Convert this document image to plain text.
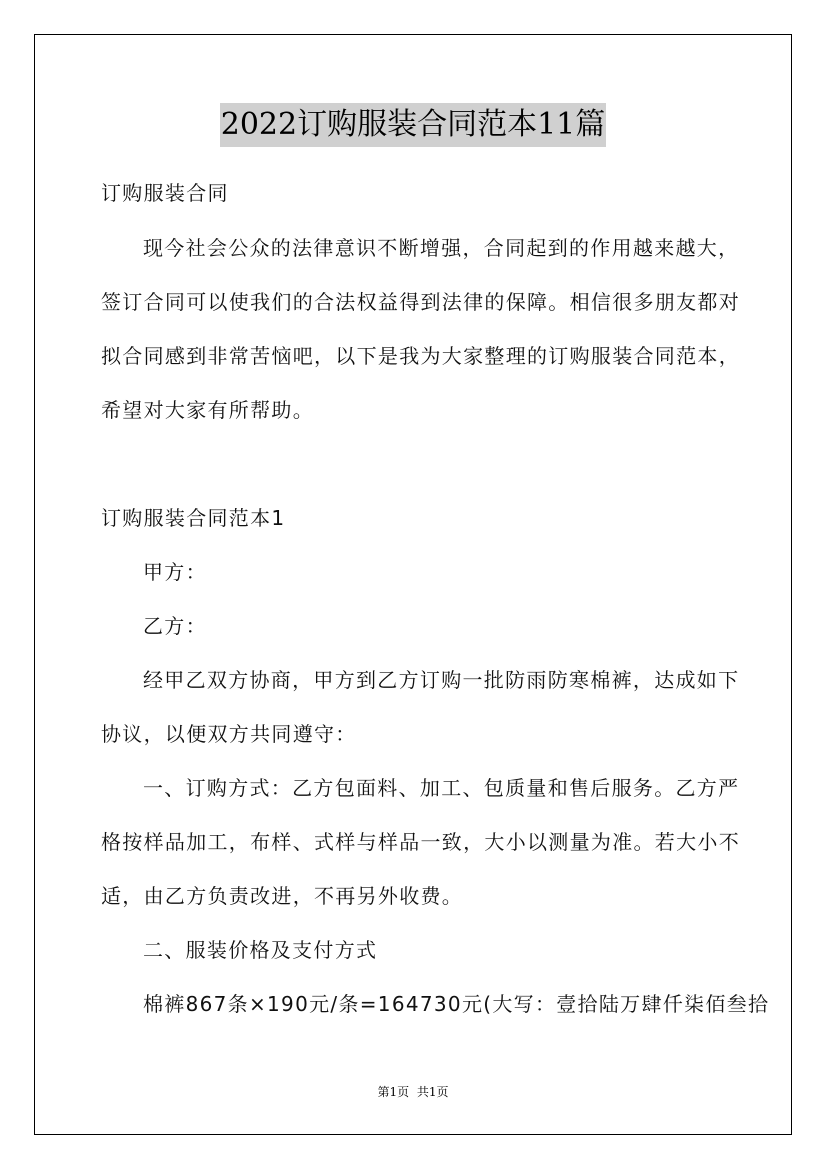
2022订购服装合同范本11篇
订购服装合同
现今社会公众的法律意识不断增强，合同起到的作用越来越大，
签订合同可以使我们的合法权益得到法律的保障。相信很多朋友都对
拟合同感到非常苦恼吧，以下是我为大家整理的订购服装合同范本，
希望对大家有所帮助。
订购服装合同范本1
甲方：
乙方：
经甲乙双方协商，甲方到乙方订购一批防雨防寒棉裤，达成如下
协议，以便双方共同遵守：
一、订购方式：乙方包面料、加工、包质量和售后服务。乙方严
格按样品加工，布样、式样与样品一致，大小以测量为准。若大小不
适，由乙方负责改进，不再另外收费。
二、服装价格及支付方式
棉裤867条×190元/条=164730元(大写：壹拾陆万肆仟柒佰叁拾
第1页 共1页
